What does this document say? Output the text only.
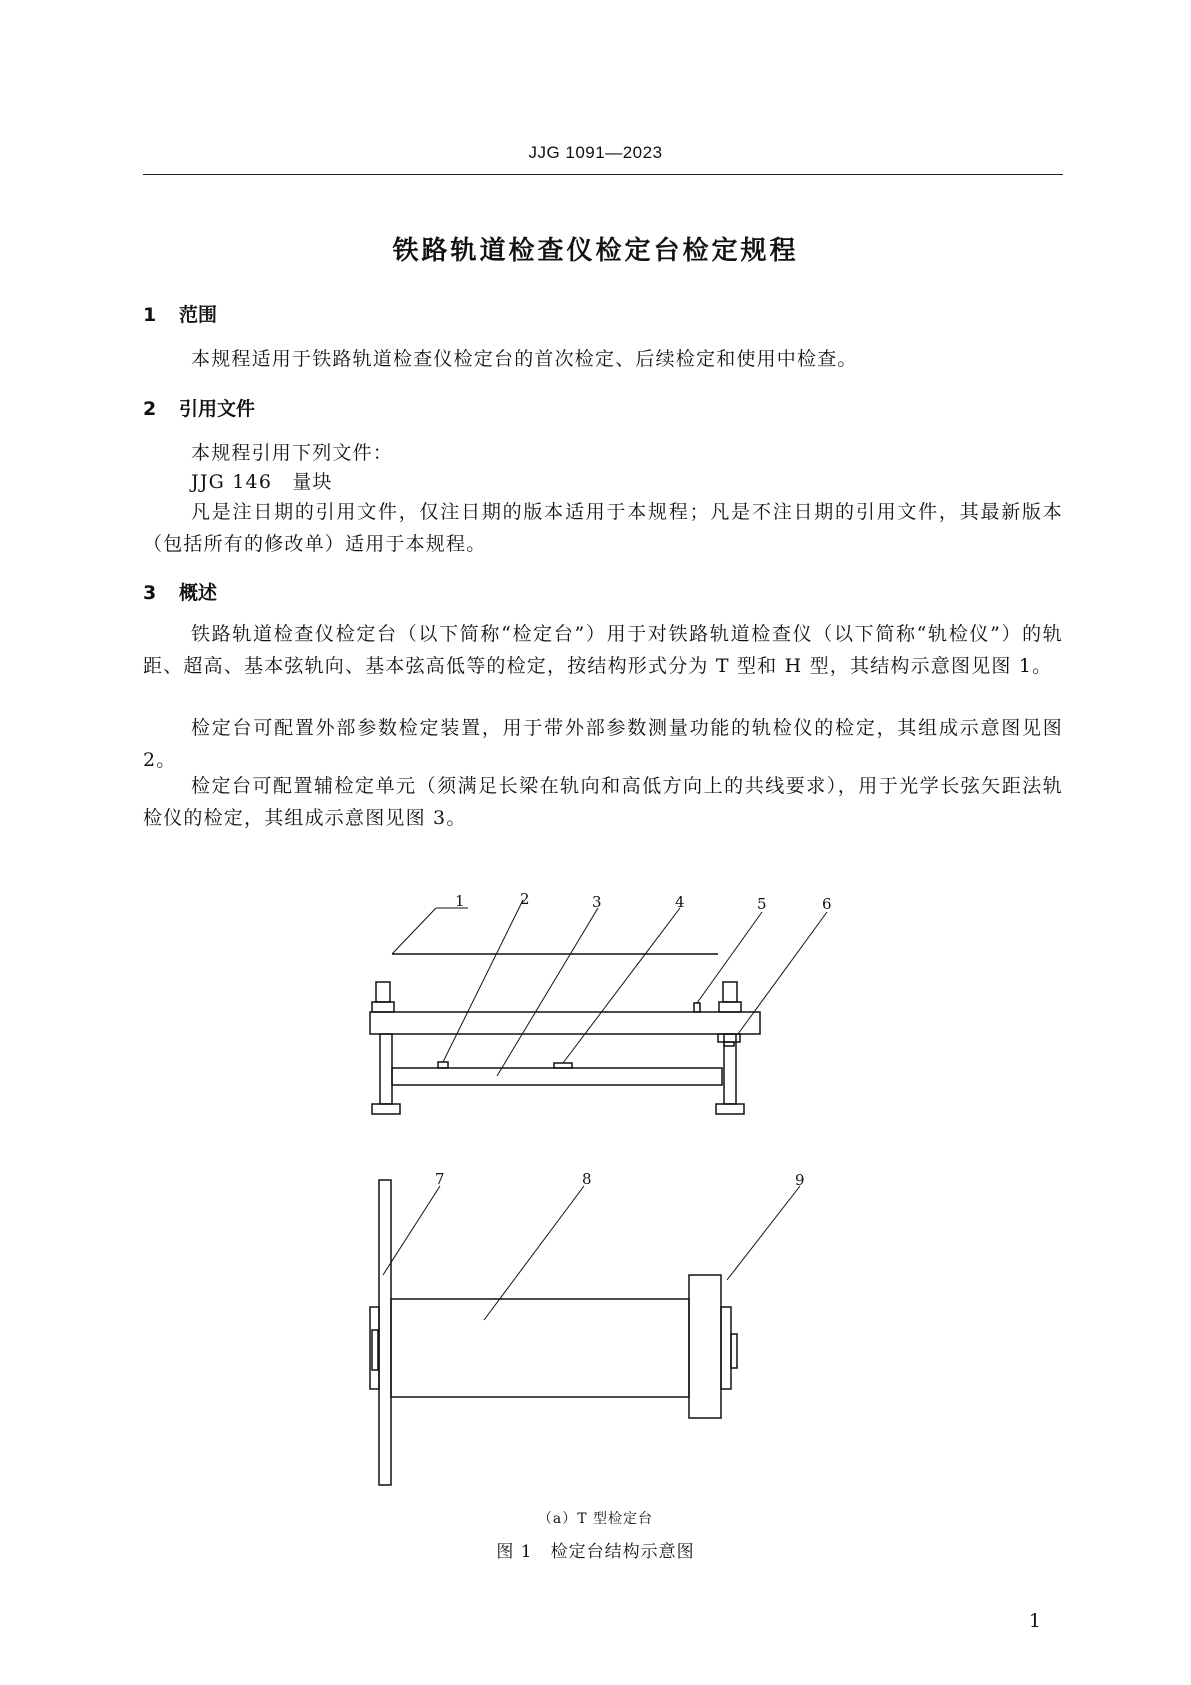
JJG 1091—2023
铁路轨道检查仪检定台检定规程
1 范围
本规程适用于铁路轨道检查仪检定台的首次检定、后续检定和使用中检查。
2 引用文件
本规程引用下列文件：
JJG 146　量块
凡是注日期的引用文件，仅注日期的版本适用于本规程；凡是不注日期的引用文件，其最新版本（包括所有的修改单）适用于本规程。
3 概述
铁路轨道检查仪检定台（以下简称“检定台”）用于对铁路轨道检查仪（以下简称“轨检仪”）的轨距、超高、基本弦轨向、基本弦高低等的检定，按结构形式分为 T 型和 H 型，其结构示意图见图 1。
检定台可配置外部参数检定装置，用于带外部参数测量功能的轨检仪的检定，其组成示意图见图 2。
检定台可配置辅检定单元（须满足长梁在轨向和高低方向上的共线要求），用于光学长弦矢距法轨检仪的检定，其组成示意图见图 3。
1	2	3	4	5	6
7	8	9
（a）T 型检定台
图 1　检定台结构示意图
1
